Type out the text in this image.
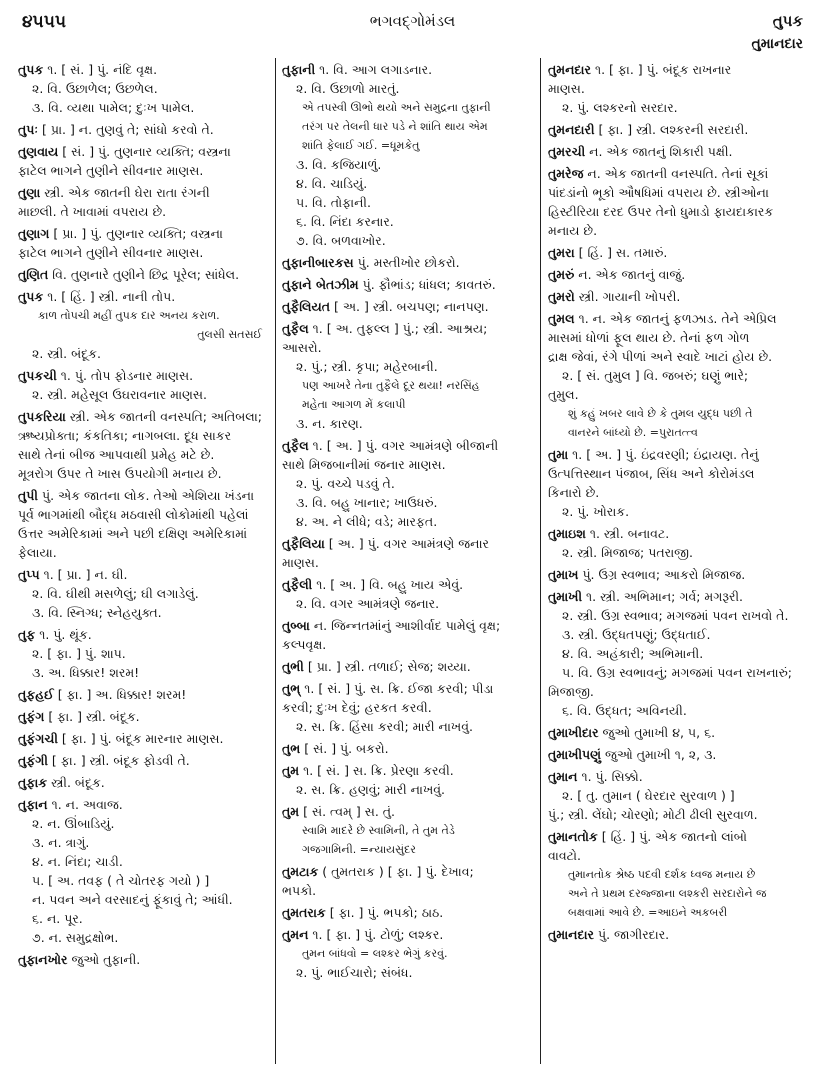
૪૫૫૫	ભગવદ્ગોમંડલ	તુપક
તુમાનદાર
તુપક ૧. [ સં. ] પું. નંદિ વૃક્ષ.
૨. વિ. ઉછાળેલ; ઉછળેલ.
૩. વિ. વ્યથા પામેલ; દુઃખ પામેલ.
તુપઃ [ પ્રા. ] ન. તુણવું તે; સાંધો કરવો તે.
તુણવાય [ સં. ] પું. તુણનાર વ્યક્તિ; વસ્ત્રના
ફાટેલ ભાગને તુણીને સીવનાર માણસ.
તુણા સ્ત્રી. એક જાતની ઘેરા રાતા રંગની
માછલી. તે ખાવામાં વપરાય છે.
તુણાગ [ પ્રા. ] પું. તુણનાર વ્યક્તિ; વસ્ત્રના
ફાટેલ ભાગને તુણીને સીવનાર માણસ.
તુણિત વિ. તુણનારે તુણીને છિદ્ર પૂરેલ; સાંધેલ.
તુપક ૧. [ હિં. ] સ્ત્રી. નાની તોપ.
કાળ તોપચી મહીં તુપક દાર અનય કરાળ.
તુલસી સતસઈ
૨. સ્ત્રી. બંદૂક.
તુપકચી ૧. પું. તોપ ફોડનાર માણસ.
૨. સ્ત્રી. મહેસૂલ ઉઘરાવનાર માણસ.
તુપકરિયા સ્ત્રી. એક જાતની વનસ્પતિ; અતિબલા;
ઋષ્યપ્રોક્તા; કંકતિકા; નાગબલા. દૂધ સાકર
સાથે તેનાં બીજ આપવાથી પ્રમેહ મટે છે.
મૂત્રરોગ ઉપર તે ખાસ ઉપયોગી મનાય છે.
તુપી પું. એક જાતના લોક. તેઓ એશિયા ખંડના
પૂર્વ ભાગમાંથી બૌદ્ધ મઠવાસી લોકોમાંથી પહેલાં
ઉત્તર અમેરિકામાં અને પછી દક્ષિણ અમેરિકામાં
ફેલાયા.
તુપ્પ ૧. [ પ્રા. ] ન. ઘી.
૨. વિ. ઘીથી મસળેલું; ઘી લગાડેલું.
૩. વિ. સ્નિગ્ધ; સ્નેહયુક્ત.
તુફ ૧. પું. થૂંક.
૨. [ ફા. ] પું. શાપ.
૩. અ. ધિક્કાર! શરમ!
તુફહઈ [ ફા. ] અ. ધિક્કાર! શરમ!
તુફંગ [ ફા. ] સ્ત્રી. બંદૂક.
તુફંગચી [ ફા. ] પું. બંદૂક મારનાર માણસ.
તુફંગી [ ફા. ] સ્ત્રી. બંદૂક ફોડવી તે.
તુફાક સ્ત્રી. બંદૂક.
તુફાન ૧. ન. અવાજ.
૨. ન. ઊંબાડિયું.
૩. ન. ત્રાગું.
૪. ન. નિંદા; ચાડી.
૫. [ અ. તવફ ( તે ચોતરફ ગયો ) ]
ન. પવન અને વરસાદનું ફૂંકાવું તે; આંધી.
૬. ન. પૂર.
૭. ન. સમુદ્રક્ષોભ.
તુફાનખોર જુઓ તુફાની.
તુફાની ૧. વિ. આગ લગાડનાર.
૨. વિ. ઉછાળો મારતું.
એ તપસ્વી ઊભો થયો અને સમુદ્રના તુફાની
તરંગ પર તેલની ધાર પડે ને શાંતિ થાય એમ
શાંતિ ફેલાઈ ગઈ. =ધૂમકેતુ
૩. વિ. કજિયાળું.
૪. વિ. ચાડિયું.
૫. વિ. તોફાની.
૬. વિ. નિંદા કરનાર.
૭. વિ. બળવાખોર.
તુફાનીબારકસ પું. મસ્તીખોર છોકરો.
તુફાને બેતઝીમ પું. ફૌભાંડ; ધાંધલ; કાવતરું.
તુફૈલિયત [ અ. ] સ્ત્રી. બચપણ; નાનપણ.
તુફૈલ ૧. [ અ. તુફલ્લ ] પું.; સ્ત્રી. આશ્રય;
આસરો.
૨. પું.; સ્ત્રી. કૃપા; મહેરબાની.
પણ આખરે તેના તુફૈલે દૂર થયા! નરસિંહ
મહેતા આગળ મેં કલાપી
૩. ન. કારણ.
તુફૈલ ૧. [ અ. ] પું. વગર આમંત્રણે બીજાની
સાથે મિજબાનીમાં જનાર માણસ.
૨. પું. વચ્ચે પડવું તે.
૩. વિ. બહુ ખાનાર; ખાઉધરું.
૪. અ. ને લીધે; વડે; મારફત.
તુફૈલિયા [ અ. ] પું. વગર આમંત્રણે જનાર
માણસ.
તુફૈલી ૧. [ અ. ] વિ. બહુ ખાય એવું.
૨. વિ. વગર આમંત્રણે જનાર.
તુબ્બા ન. જિન્નતમાંનું આશીર્વાદ પામેલું વૃક્ષ;
કલ્પવૃક્ષ.
તુભી [ પ્રા. ] સ્ત્રી. તળાઈ; સેજ; શય્યા.
તુભ્ ૧. [ સં. ] પું. સ. ક્રિ. ઈજા કરવી; પીડા
કરવી; દુઃખ દેવું; હરકત કરવી.
૨. સ. ક્રિ. હિંસા કરવી; મારી નાખવું.
તુભ [ સં. ] પું. બકરો.
તુમ ૧. [ સં. ] સ. ક્રિ. પ્રેરણા કરવી.
૨. સ. ક્રિ. હણવું; મારી નાખવું.
તુમ [ સં. ત્વમ્ ] સ. તું.
સ્વામિ માદરે છે સ્વામિની, તે તુમ તેડે
ગજગામિની. =ન્યાયસુંદર
તુમટાક ( તુમતરાક ) [ ફા. ] પું. દેખાવ;
ભપકો.
તુમતરાક [ ફા. ] પું. ભપકો; ઠાઠ.
તુમન ૧. [ ફા. ] પું. ટોળું; લશ્કર.
તુમન બાંધવો = લશ્કર ભેગું કરવું.
૨. પું. ભાઈચારો; સંબંધ.
તુમનદાર ૧. [ ફા. ] પું. બંદૂક રાખનાર
માણસ.
૨. પું. લશ્કરનો સરદાર.
તુમનદારી [ ફા. ] સ્ત્રી. લશ્કરની સરદારી.
તુમરચી ન. એક જાતનું શિકારી પક્ષી.
તુમરેજ ન. એક જાતની વનસ્પતિ. તેનાં સૂકાં
પાંદડાંનો ભૂકો ઔષધિમાં વપરાય છે. સ્ત્રીઓના
હિસ્ટીરિયા દરદ ઉપર તેનો ધુમાડો ફાયદાકારક
મનાય છે.
તુમરા [ હિં. ] સ. તમારું.
તુમરું ન. એક જાતનું વાજું.
તુમરો સ્ત્રી. ગાયાની ખોપરી.
તુમલ ૧. ન. એક જાતનું ફળઝાડ. તેને એપ્રિલ
માસમાં ધોળાં ફૂલ થાય છે. તેનાં ફળ ગોળ
દ્રાક્ષ જેવાં, રંગે પીળાં અને સ્વાદે ખાટાં હોય છે.
૨. [ સં. તુમુલ ] વિ. જબરું; ઘણું ભારે;
તુમુલ.
શું કહું ખબર લાવે છે કે તુમલ યુદ્ધ પછી તે
વાનરને બાંધ્યો છે. =પુરાતત્ત્વ
તુમા ૧. [ અ. ] પું. ઇંદ્રવરણી; ઇંદ્રાયણ. તેનું
ઉત્પત્તિસ્થાન પંજાબ, સિંધ અને કોરોમંડલ
કિનારો છે.
૨. પું. ખોરાક.
તુમાઇશ ૧. સ્ત્રી. બનાવટ.
૨. સ્ત્રી. મિજાજ; પતરાજી.
તુમાખ પું. ઉગ્ર સ્વભાવ; આકરો મિજાજ.
તુમાખી ૧. સ્ત્રી. અભિમાન; ગર્વ; મગરૂરી.
૨. સ્ત્રી. ઉગ્ર સ્વભાવ; મગજમાં પવન રાખવો તે.
૩. સ્ત્રી. ઉદ્ધતપણું; ઉદ્ધતાઈ.
૪. વિ. અહંકારી; અભિમાની.
૫. વિ. ઉગ્ર સ્વભાવનું; મગજમાં પવન રાખનારું;
મિજાજી.
૬. વિ. ઉદ્ધત; અવિનયી.
તુમાખીદાર જુઓ તુમાખી ૪, ૫, ૬.
તુમાખીપણું જુઓ તુમાખી ૧, ૨, ૩.
તુમાન ૧. પું. સિક્કો.
૨. [ તુ. તુમાન ( ઘેરદાર સુરવાળ ) ]
પું.; સ્ત્રી. લેંઘો; ચોરણો; મોટી ઢીલી સુરવાળ.
તુમાનતોક [ હિં. ] પું. એક જાતનો લાંબો
વાવટો.
તુમાનતોક શ્રેષ્ઠ પદવી દર્શક ધ્વજ મનાય છે
અને તે પ્રથમ દરજ્જાના લશ્કરી સરદારોને જ
બક્ષવામાં આવે છે. =આઇને અકબરી
તુમાનદાર પું. જાગીરદાર.
